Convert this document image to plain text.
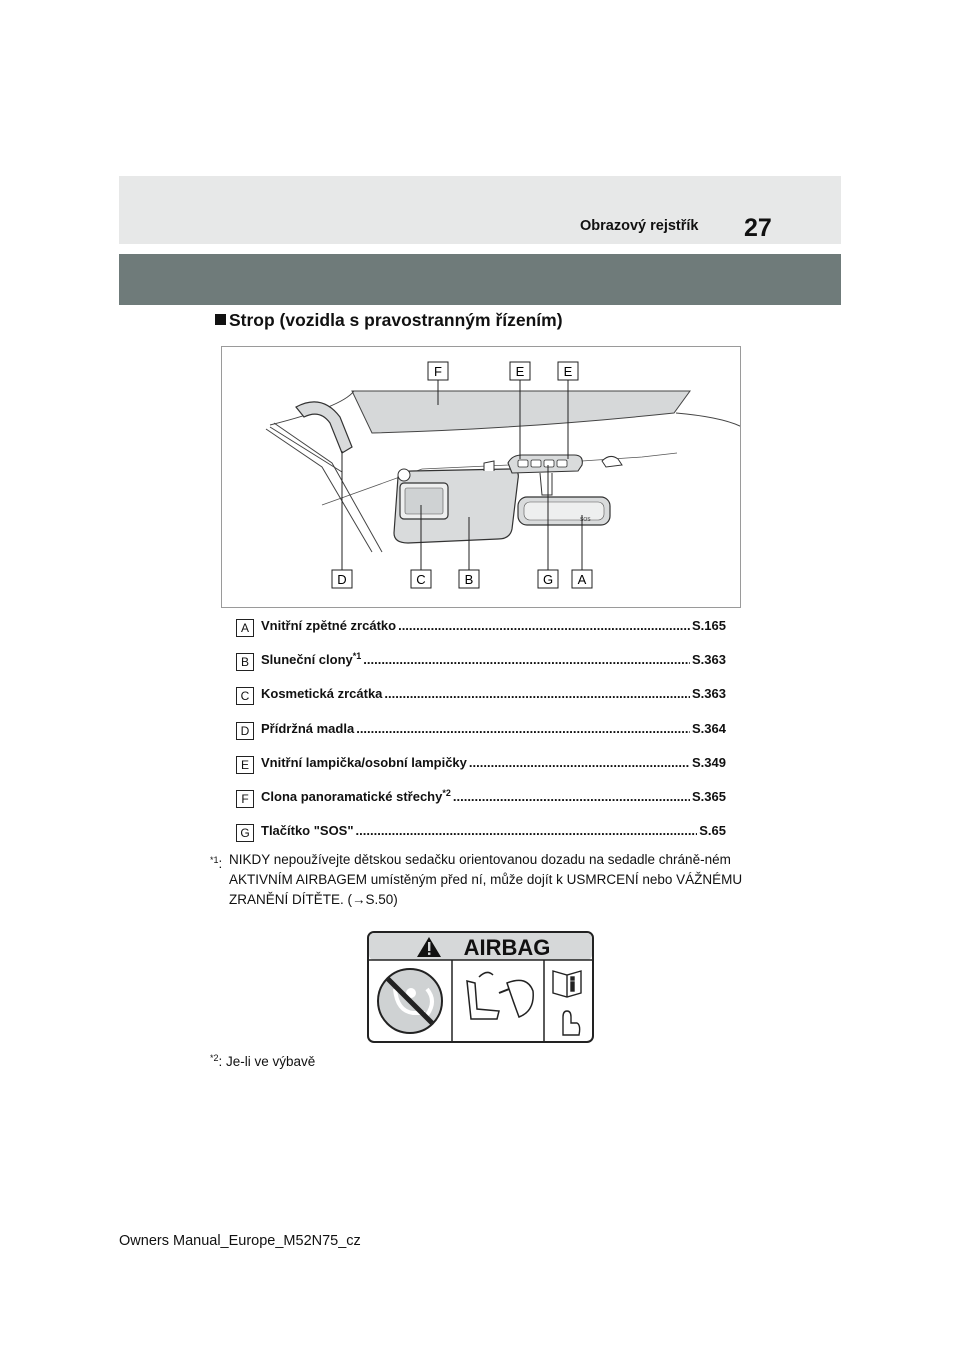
Obrazový rejstřík 27
Strop (vozidla s pravostranným řízením)
SOS
F	E	E
D	C	B	G A
A Vnitřní zpětné zrcátko .....	S.165
B Sluneční clony$^{*1}$ .....	S.363
C Kosmetická zrcátka .....	S.363
D Přídržná madla .....	S.364
E Vnitřní lampička/osobní lampičky .....	S.349
F Clona panoramatické střechy$^{*2}$ .....	S.365
G Tlačítko "SOS" .....	S.65
$^{*1}$: NIKDY nepoužívejte dětskou sedačku orientovanou dozadu na sedadle chráně-ném AKTIVNÍM AIRBAGEM umístěným před ní, může dojít k USMRCENÍ nebo VÁŽNÉMU ZRANĚNÍ DÍTĚTE. (→S.50)
AIRBAG
$^{*2}$: Je-li ve výbavě
Owners Manual_Europe_M52N75_cz
